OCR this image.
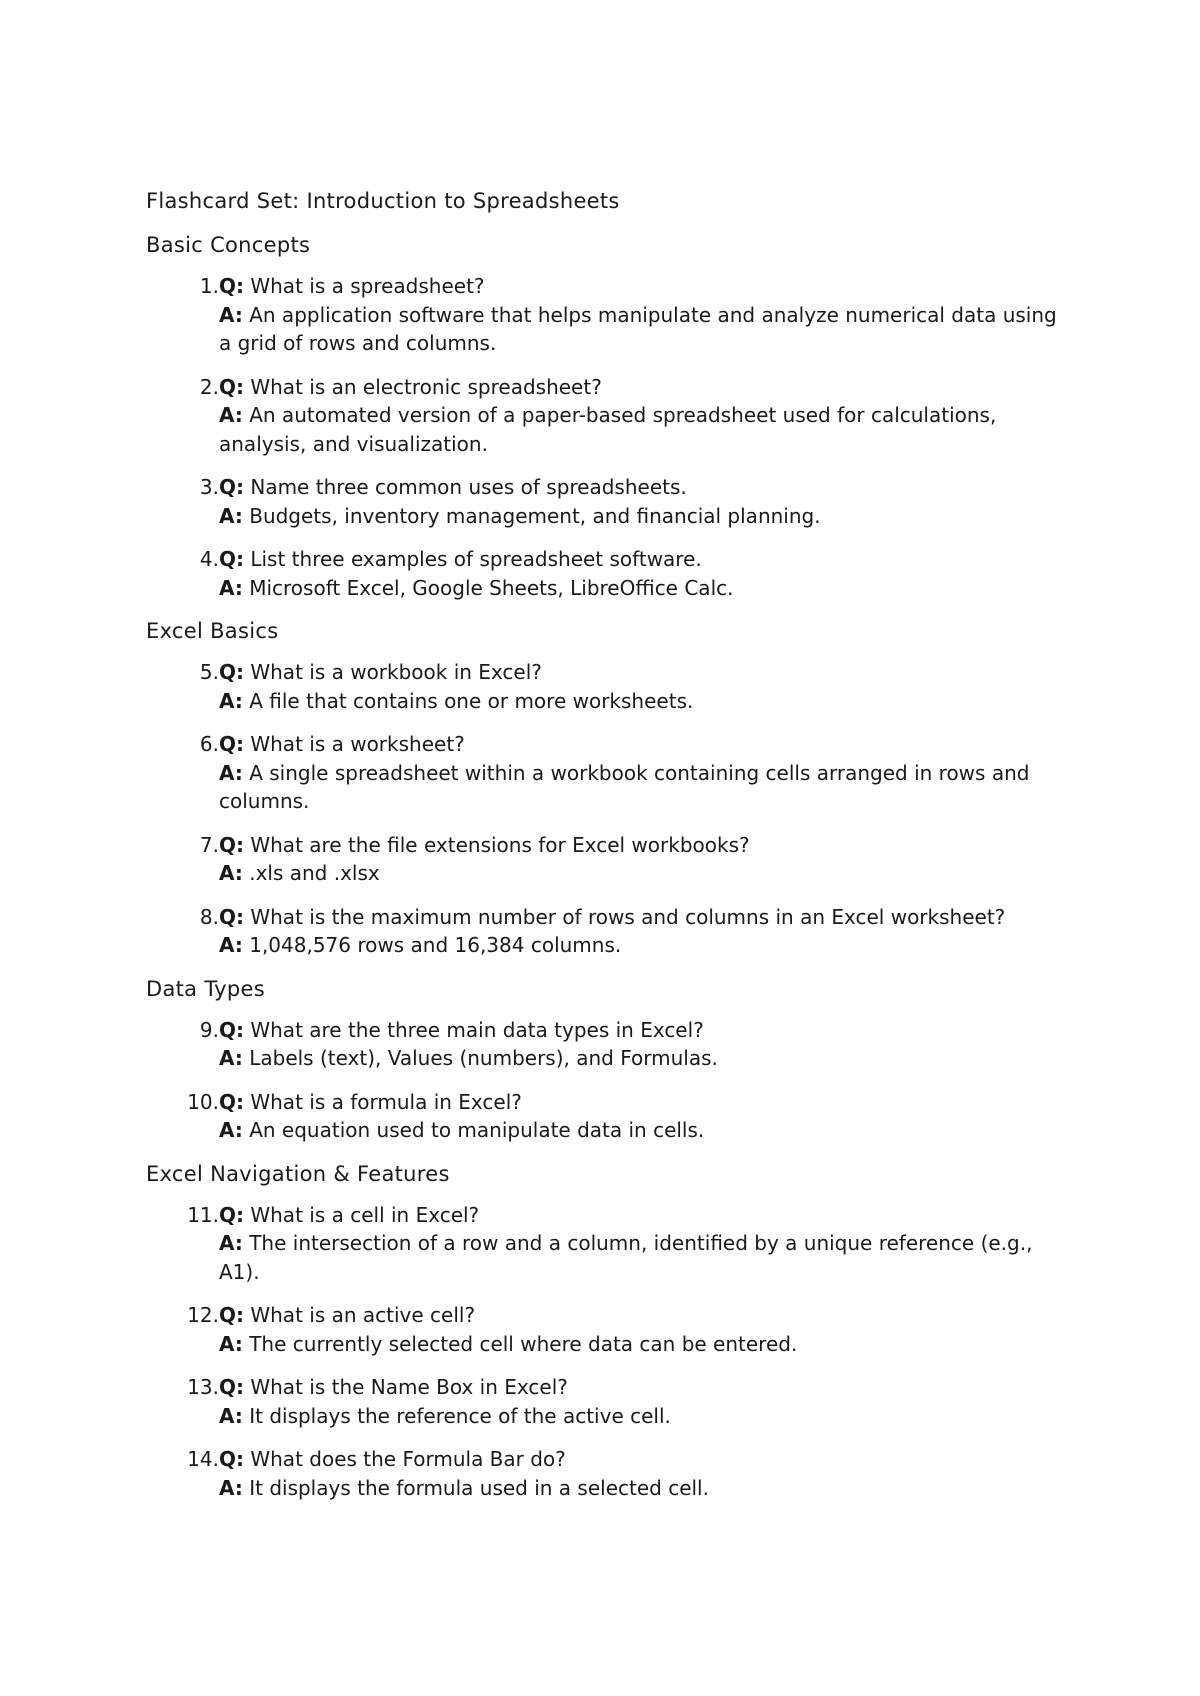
Flashcard Set: Introduction to Spreadsheets
Basic Concepts
1. Q: What is a spreadsheet?
A: An application software that helps manipulate and analyze numerical data using a grid of rows and columns.
2. Q: What is an electronic spreadsheet?
A: An automated version of a paper-based spreadsheet used for calculations, analysis, and visualization.
3. Q: Name three common uses of spreadsheets.
A: Budgets, inventory management, and financial planning.
4. Q: List three examples of spreadsheet software.
A: Microsoft Excel, Google Sheets, LibreOffice Calc.
Excel Basics
5. Q: What is a workbook in Excel?
A: A file that contains one or more worksheets.
6. Q: What is a worksheet?
A: A single spreadsheet within a workbook containing cells arranged in rows and columns.
7. Q: What are the file extensions for Excel workbooks?
A: .xls and .xlsx
8. Q: What is the maximum number of rows and columns in an Excel worksheet?
A: 1,048,576 rows and 16,384 columns.
Data Types
9. Q: What are the three main data types in Excel?
A: Labels (text), Values (numbers), and Formulas.
10. Q: What is a formula in Excel?
A: An equation used to manipulate data in cells.
Excel Navigation & Features
11. Q: What is a cell in Excel?
A: The intersection of a row and a column, identified by a unique reference (e.g., A1).
12. Q: What is an active cell?
A: The currently selected cell where data can be entered.
13. Q: What is the Name Box in Excel?
A: It displays the reference of the active cell.
14. Q: What does the Formula Bar do?
A: It displays the formula used in a selected cell.
